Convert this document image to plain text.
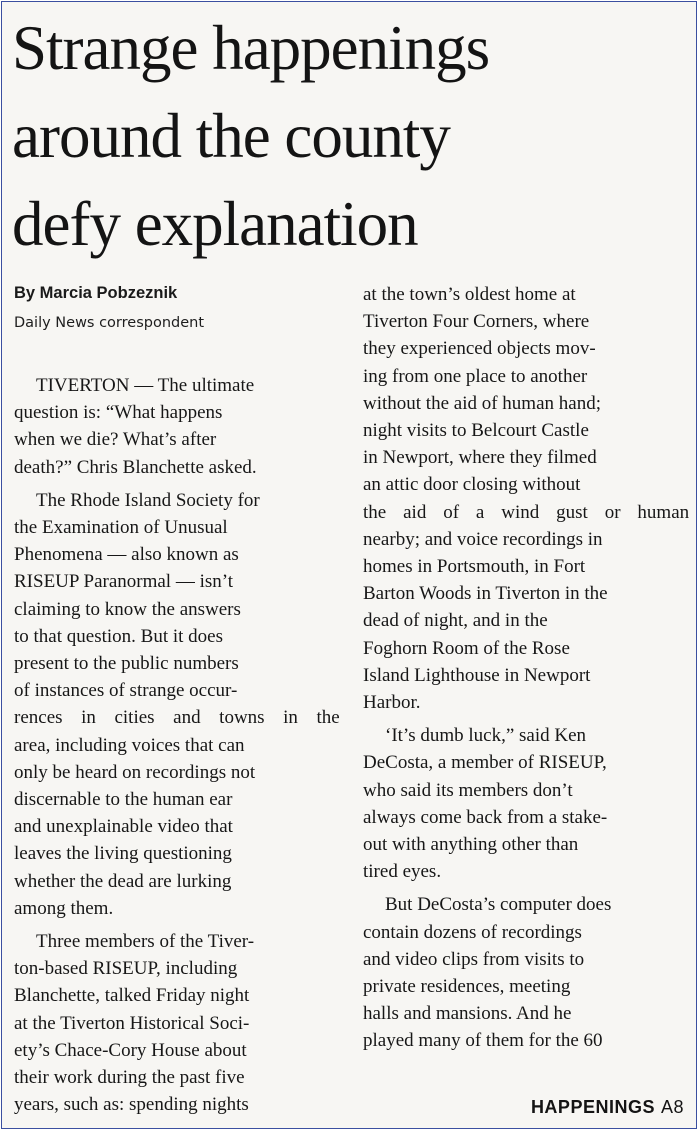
Strange happenings
around the county
defy explanation
By Marcia Pobzeznik
Daily News correspondent

TIVERTON — The ultimate
question is: “What happens
when we die? What’s after
death?” Chris Blanchette asked.

The Rhode Island Society for
the Examination of Unusual
Phenomena — also known as
RISEUP Paranormal — isn’t
claiming to know the answers
to that question. But it does
present to the public numbers
of instances of strange occur-
rences in cities and towns in the
area, including voices that can
only be heard on recordings not
discernable to the human ear
and unexplainable video that
leaves the living questioning
whether the dead are lurking
among them.

Three members of the Tiver-
ton-based RISEUP, including
Blanchette, talked Friday night
at the Tiverton Historical Soci-
ety’s Chace-Cory House about
their work during the past five
years, such as: spending nights

at the town’s oldest home at
Tiverton Four Corners, where
they experienced objects mov-
ing from one place to another
without the aid of human hand;
night visits to Belcourt Castle
in Newport, where they filmed
an attic door closing without
the aid of a wind gust or human
nearby; and voice recordings in
homes in Portsmouth, in Fort
Barton Woods in Tiverton in the
dead of night, and in the
Foghorn Room of the Rose
Island Lighthouse in Newport
Harbor.

‘It’s dumb luck,” said Ken
DeCosta, a member of RISEUP,
who said its members don’t
always come back from a stake-
out with anything other than
tired eyes.

But DeCosta’s computer does
contain dozens of recordings
and video clips from visits to
private residences, meeting
halls and mansions. And he
played many of them for the 60

HAPPENINGS A8
